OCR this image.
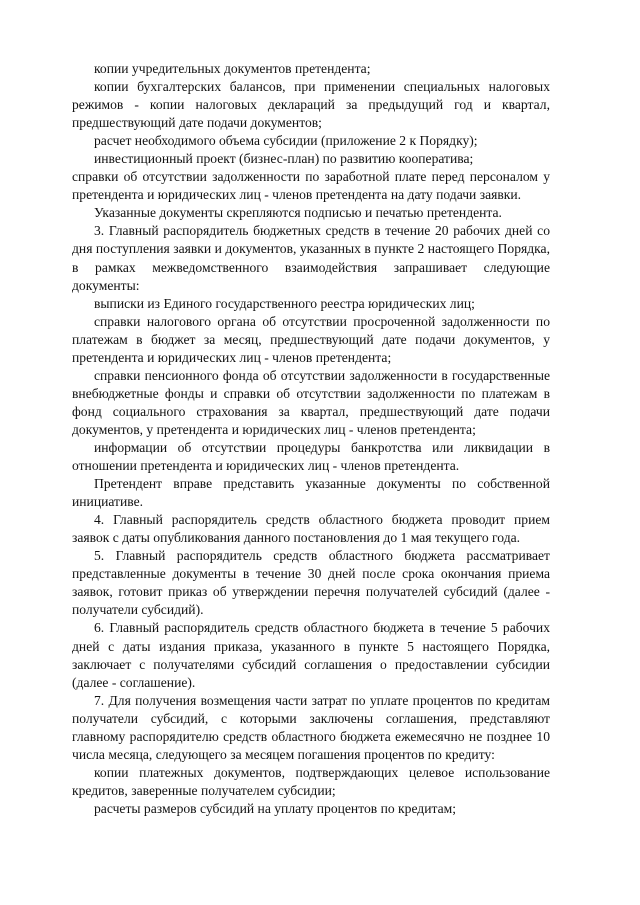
копии учредительных документов претендента;

копии бухгалтерских балансов, при применении специальных налоговых режимов - копии налоговых деклараций за предыдущий год и квартал, предшествующий дате подачи документов;

расчет необходимого объема субсидии (приложение 2 к Порядку);

инвестиционный проект (бизнес-план) по развитию кооператива;

справки об отсутствии задолженности по заработной плате перед персоналом у претендента и юридических лиц - членов претендента на дату подачи заявки.

Указанные документы скрепляются подписью и печатью претендента.

3. Главный распорядитель бюджетных средств в течение 20 рабочих дней со дня поступления заявки и документов, указанных в пункте 2 настоящего Порядка, в рамках межведомственного взаимодействия запрашивает следующие документы:

выписки из Единого государственного реестра юридических лиц;

справки налогового органа об отсутствии просроченной задолженности по платежам в бюджет за месяц, предшествующий дате подачи документов, у претендента и юридических лиц - членов претендента;

справки пенсионного фонда об отсутствии задолженности в государственные внебюджетные фонды и справки об отсутствии задолженности по платежам в фонд социального страхования за квартал, предшествующий дате подачи документов, у претендента и юридических лиц - членов претендента;

информации об отсутствии процедуры банкротства или ликвидации в отношении претендента и юридических лиц - членов претендента.

Претендент вправе представить указанные документы по собственной инициативе.

4. Главный распорядитель средств областного бюджета проводит прием заявок с даты опубликования данного постановления до 1 мая текущего года.

5. Главный распорядитель средств областного бюджета рассматривает представленные документы в течение 30 дней после срока окончания приема заявок, готовит приказ об утверждении перечня получателей субсидий (далее - получатели субсидий).

6. Главный распорядитель средств областного бюджета в течение 5 рабочих дней с даты издания приказа, указанного в пункте 5 настоящего Порядка, заключает с получателями субсидий соглашения о предоставлении субсидии (далее - соглашение).

7. Для получения возмещения части затрат по уплате процентов по кредитам получатели субсидий, с которыми заключены соглашения, представляют главному распорядителю средств областного бюджета ежемесячно не позднее 10 числа месяца, следующего за месяцем погашения процентов по кредиту:

копии платежных документов, подтверждающих целевое использование кредитов, заверенные получателем субсидии;

расчеты размеров субсидий на уплату процентов по кредитам;
